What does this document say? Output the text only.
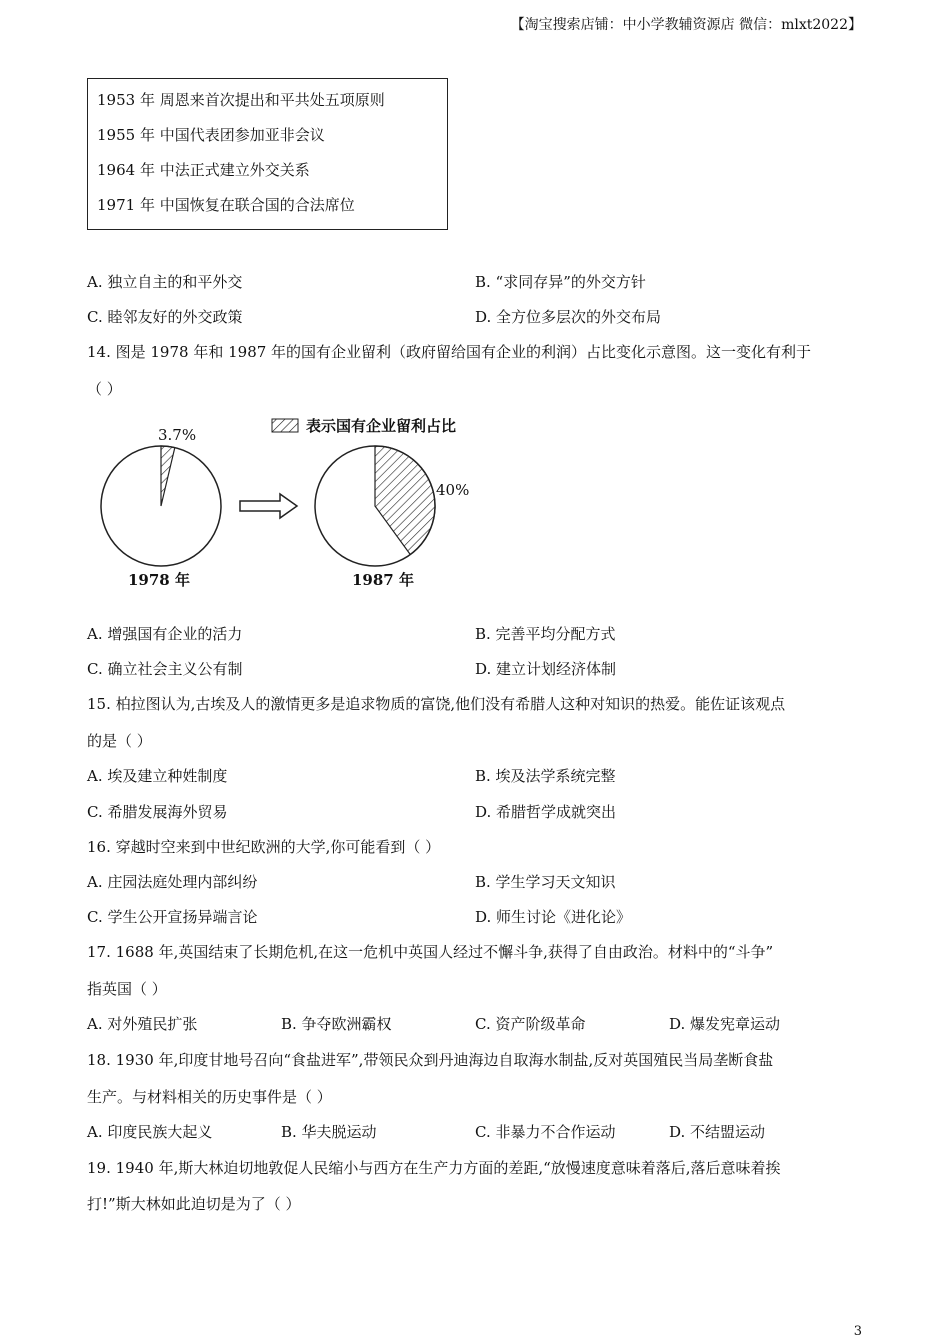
【淘宝搜索店铺：中小学教辅资源店 微信：mlxt2022】
1953 年 周恩来首次提出和平共处五项原则
1955 年 中国代表团参加亚非会议
1964 年 中法正式建立外交关系
1971 年 中国恢复在联合国的合法席位
A. 独立自主的和平外交	B. “求同存异”的外交方针
C. 睦邻友好的外交政策	D. 全方位多层次的外交布局
14. 图是 1978 年和 1987 年的国有企业留利（政府留给国有企业的利润）占比变化示意图。这一变化有利于
（ ）
表示国有企业留利占比
3.7%
1978 年
40%
1987 年
A. 增强国有企业的活力	B. 完善平均分配方式
C. 确立社会主义公有制	D. 建立计划经济体制
15. 柏拉图认为,古埃及人的激情更多是追求物质的富饶,他们没有希腊人这种对知识的热爱。能佐证该观点
的是（ ）
A. 埃及建立种姓制度	B. 埃及法学系统完整
C. 希腊发展海外贸易	D. 希腊哲学成就突出
16. 穿越时空来到中世纪欧洲的大学,你可能看到（ ）
A. 庄园法庭处理内部纠纷	B. 学生学习天文知识
C. 学生公开宣扬异端言论	D. 师生讨论《进化论》
17. 1688 年,英国结束了长期危机,在这一危机中英国人经过不懈斗争,获得了自由政治。材料中的“斗争”
指英国（ ）
A. 对外殖民扩张	B. 争夺欧洲霸权	C. 资产阶级革命	D. 爆发宪章运动
18. 1930 年,印度甘地号召向“食盐进军”,带领民众到丹迪海边自取海水制盐,反对英国殖民当局垄断食盐
生产。与材料相关的历史事件是（ ）
A. 印度民族大起义	B. 华夫脱运动	C. 非暴力不合作运动	D. 不结盟运动
19. 1940 年,斯大林迫切地敦促人民缩小与西方在生产力方面的差距,“放慢速度意味着落后,落后意味着挨
打!”斯大林如此迫切是为了（ ）
3
